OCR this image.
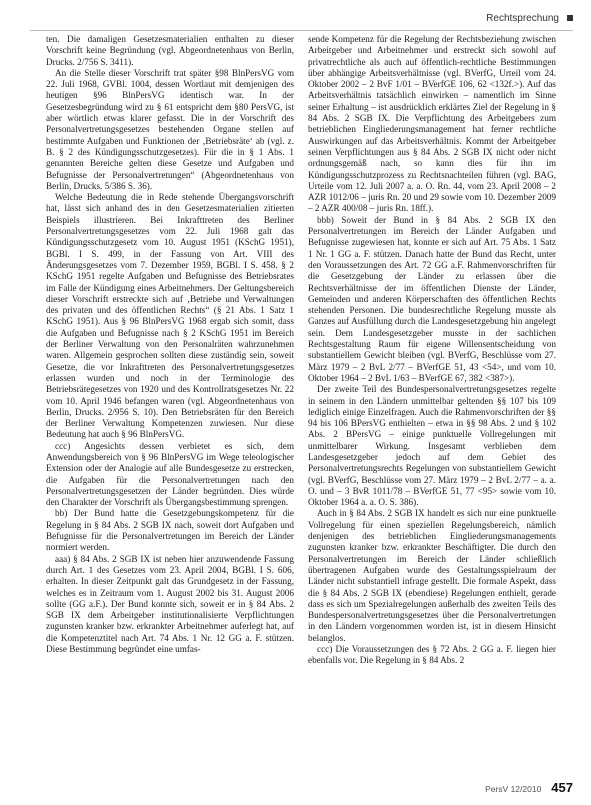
Rechtsprechung

ten. Die damaligen Gesetzesmaterialien enthalten zu dieser Vorschrift keine Begründung (vgl. Abgeordnetenhaus von Berlin, Drucks. 2/756 S. 3411).

An die Stelle dieser Vorschrift trat später §98 BlnPersVG vom 22. Juli 1968, GVBl. 1004, dessen Wortlaut mit demjenigen des heutigen §96 BlnPersVG identisch war. In der Gesetzesbegründung wird zu § 61 entspricht dem §80 PersVG, ist aber wörtlich etwas klarer gefasst. Die in der Vorschrift des Personalvertretungsgesetzes bestehenden Organe stellen auf bestimmte Aufgaben und Funktionen der ‚Betriebsräte‘ ab (vgl. z. B. § 2 des Kündigungsschutzgesetzes). Für die in § 1 Abs. 1 genannten Bereiche gelten diese Gesetze und Aufgaben und Befugnisse der Personalvertretungen“ (Abgeordnetenhaus von Berlin, Drucks. 5/386 S. 36).

Welche Bedeutung die in Rede stehende Übergangsvorschrift hat, lässt sich anhand des in den Gesetzesmaterialien zitierten Beispiels illustrieren. Bei Inkrafttreten des Berliner Personalvertretungsgesetzes vom 22. Juli 1968 galt das Kündigungsschutzgesetz vom 10. August 1951 (KSchG 1951), BGBl. I S. 499, in der Fassung von Art. VIII des Änderungsgesetzes vom 7. Dezember 1959, BGBl. I S. 458. § 2 KSchG 1951 regelte Aufgaben und Befugnisse des Betriebsrates im Falle der Kündigung eines Arbeitnehmers. Der Geltungsbereich dieser Vorschrift erstreckte sich auf ‚Betriebe und Verwaltungen des privaten und des öffentlichen Rechts“ (§ 21 Abs. 1 Satz 1 KSchG 1951). Aus § 96 BlnPersVG 1968 ergab sich somit, dass die Aufgaben und Befugnisse nach § 2 KSchG 1951 im Bereich der Berliner Verwaltung von den Personalräten wahrzunehmen waren. Allgemein gesprochen sollten diese zuständig sein, soweit Gesetze, die vor Inkrafttreten des Personalvertretungsgesetzes erlassen wurden und noch in der Terminologie des Betriebsrätegesetzes von 1920 und des Kontrollratsgesetzes Nr. 22 vom 10. April 1946 befangen waren (vgl. Abgeordnetenhaus von Berlin, Drucks. 2/956 S. 10). Den Betriebsräten für den Bereich der Berliner Verwaltung Kompetenzen zuwiesen. Nur diese Bedeutung hat auch § 96 BlnPersVG.

ccc) Angesichts dessen verbietet es sich, dem Anwendungsbereich von § 96 BlnPersVG im Wege teleologischer Extension oder der Analogie auf alle Bundesgesetze zu erstrecken, die Aufgaben für die Personalvertretungen nach den Personalvertretungsgesetzen der Länder begründen. Dies würde den Charakter der Vorschrift als Übergangsbestimmung sprengen.

bb) Der Bund hatte die Gesetzgebungskompetenz für die Regelung in § 84 Abs. 2 SGB IX nach, soweit dort Aufgaben und Befugnisse für die Personalvertretungen im Bereich der Länder normiert werden.

aaa) § 84 Abs. 2 SGB IX ist neben hier anzuwendende Fassung durch Art. 1 des Gesetzes vom 23. April 2004, BGBl. I S. 606, erhalten. In dieser Zeitpunkt galt das Grundgesetz in der Fassung, welches es in Zeitraum vom 1. August 2002 bis 31. August 2006 sollte (GG a.F.). Der Bund konnte sich, soweit er in § 84 Abs. 2 SGB IX dem Arbeitgeber institutionalisierte Verpflichtungen zugunsten kranker bzw. erkrankter Arbeitnehmer auferlegt hat, auf die Kompetenztitel nach Art. 74 Abs. 1 Nr. 12 GG a. F. stützen. Diese Bestimmung begründet eine umfas-

sende Kompetenz für die Regelung der Rechtsbeziehung zwischen Arbeitgeber und Arbeitnehmer und erstreckt sich sowohl auf privatrechtliche als auch auf öffentlich-rechtliche Bestimmungen über abhängige Arbeitsverhältnisse (vgl. BVerfG, Urteil vom 24. Oktober 2002 – 2 BvF 1/01 – BVerfGE 106, 62 <132f.>). Auf das Arbeitsverhältnis tatsächlich einwirken – namentlich im Sinne seiner Erhaltung – ist ausdrücklich erklärtes Ziel der Regelung in § 84 Abs. 2 SGB IX. Die Verpflichtung des Arbeitgebers zum betrieblichen Eingliederungsmanagement hat ferner rechtliche Auswirkungen auf das Arbeitsverhältnis. Kommt der Arbeitgeber seinen Verpflichtungen aus § 84 Abs. 2 SGB IX nicht oder nicht ordnungsgemäß nach, so kann dies für ihn im Kündigungsschutzprozess zu Rechtsnachteilen führen (vgl. BAG, Urteile vom 12. Juli 2007 a. a. O. Rn. 44, vom 23. April 2008 – 2 AZR 1012/06 – juris Rn. 20 und 29 sowie vom 10. Dezember 2009 – 2 AZR 400/08 – juris Rn. 18ff.).

bbb) Soweit der Bund in § 84 Abs. 2 SGB IX den Personalvertretungen im Bereich der Länder Aufgaben und Befugnisse zugewiesen hat, konnte er sich auf Art. 75 Abs. 1 Satz 1 Nr. 1 GG a. F. stützen. Danach hatte der Bund das Recht, unter den Voraussetzungen des Art. 72 GG a.F. Rahmenvorschriften für die Gesetzgebung der Länder zu erlassen über die Rechtsverhältnisse der im öffentlichen Dienste der Länder, Gemeinden und anderen Körperschaften des öffentlichen Rechts stehenden Personen. Die bundesrechtliche Regelung musste als Ganzes auf Ausfüllung durch die Landesgesetzgebung hin angelegt sein. Dem Landesgesetzgeber musste in der sachlichen Rechtsgestaltung Raum für eigene Willensentscheidung von substantiellem Gewicht bleiben (vgl. BVerfG, Beschlüsse vom 27. März 1979 – 2 BvL 2/77 – BVerfGE 51, 43 <54>, und vom 10. Oktober 1964 – 2 BvL 1/63 – BVerfGE 67, 382 <387>).

Der zweite Teil des Bundespersonalvertretungsgesetzes regelte in seinem in den Ländern unmittelbar geltenden §§ 107 bis 109 lediglich einige Einzelfragen. Auch die Rahmenvorschriften der §§ 94 bis 106 BPersVG enthielten – etwa in §§ 98 Abs. 2 und § 102 Abs. 2 BPersVG – einige punktuelle Vollregelungen mit unmittelbarer Wirkung. Insgesamt verblieben dem Landesgesetzgeber jedoch auf dem Gebiet des Personalvertretungsrechts Regelungen von substantiellem Gewicht (vgl. BVerfG, Beschlüsse vom 27. März 1979 – 2 BvL 2/77 – a. a. O. und – 3 BvR 1011/78 – BVerfGE 51, 77 <95> sowie vom 10. Oktober 1964 a. a. O. S. 386).

Auch in § 84 Abs. 2 SGB IX handelt es sich nur eine punktuelle Vollregelung für einen speziellen Regelungsbereich, nämlich denjenigen des betrieblichen Eingliederungsmanagements zugunsten kranker bzw. erkrankter Beschäftigter. Die durch den Personalvertretungen im Bereich der Länder schließlich übertragenen Aufgaben wurde des Gestaltungsspielraum der Länder nicht substantiell infrage gestellt. Die formale Aspekt, dass die § 84 Abs. 2 SGB IX (ebendiese) Regelungen enthielt, gerade dass es sich um Spezialregelungen außerhalb des zweiten Teils des Bundespersonalvertretungsgesetzes über die Personalvertretungen in den Ländern vorgenommen worden ist, ist in diesem Hinsicht belanglos.

ccc) Die Voraussetzungen des § 72 Abs. 2 GG a. F. liegen hier ebenfalls vor. Die Regelung in § 84 Abs. 2

PersV 12/2010 457
